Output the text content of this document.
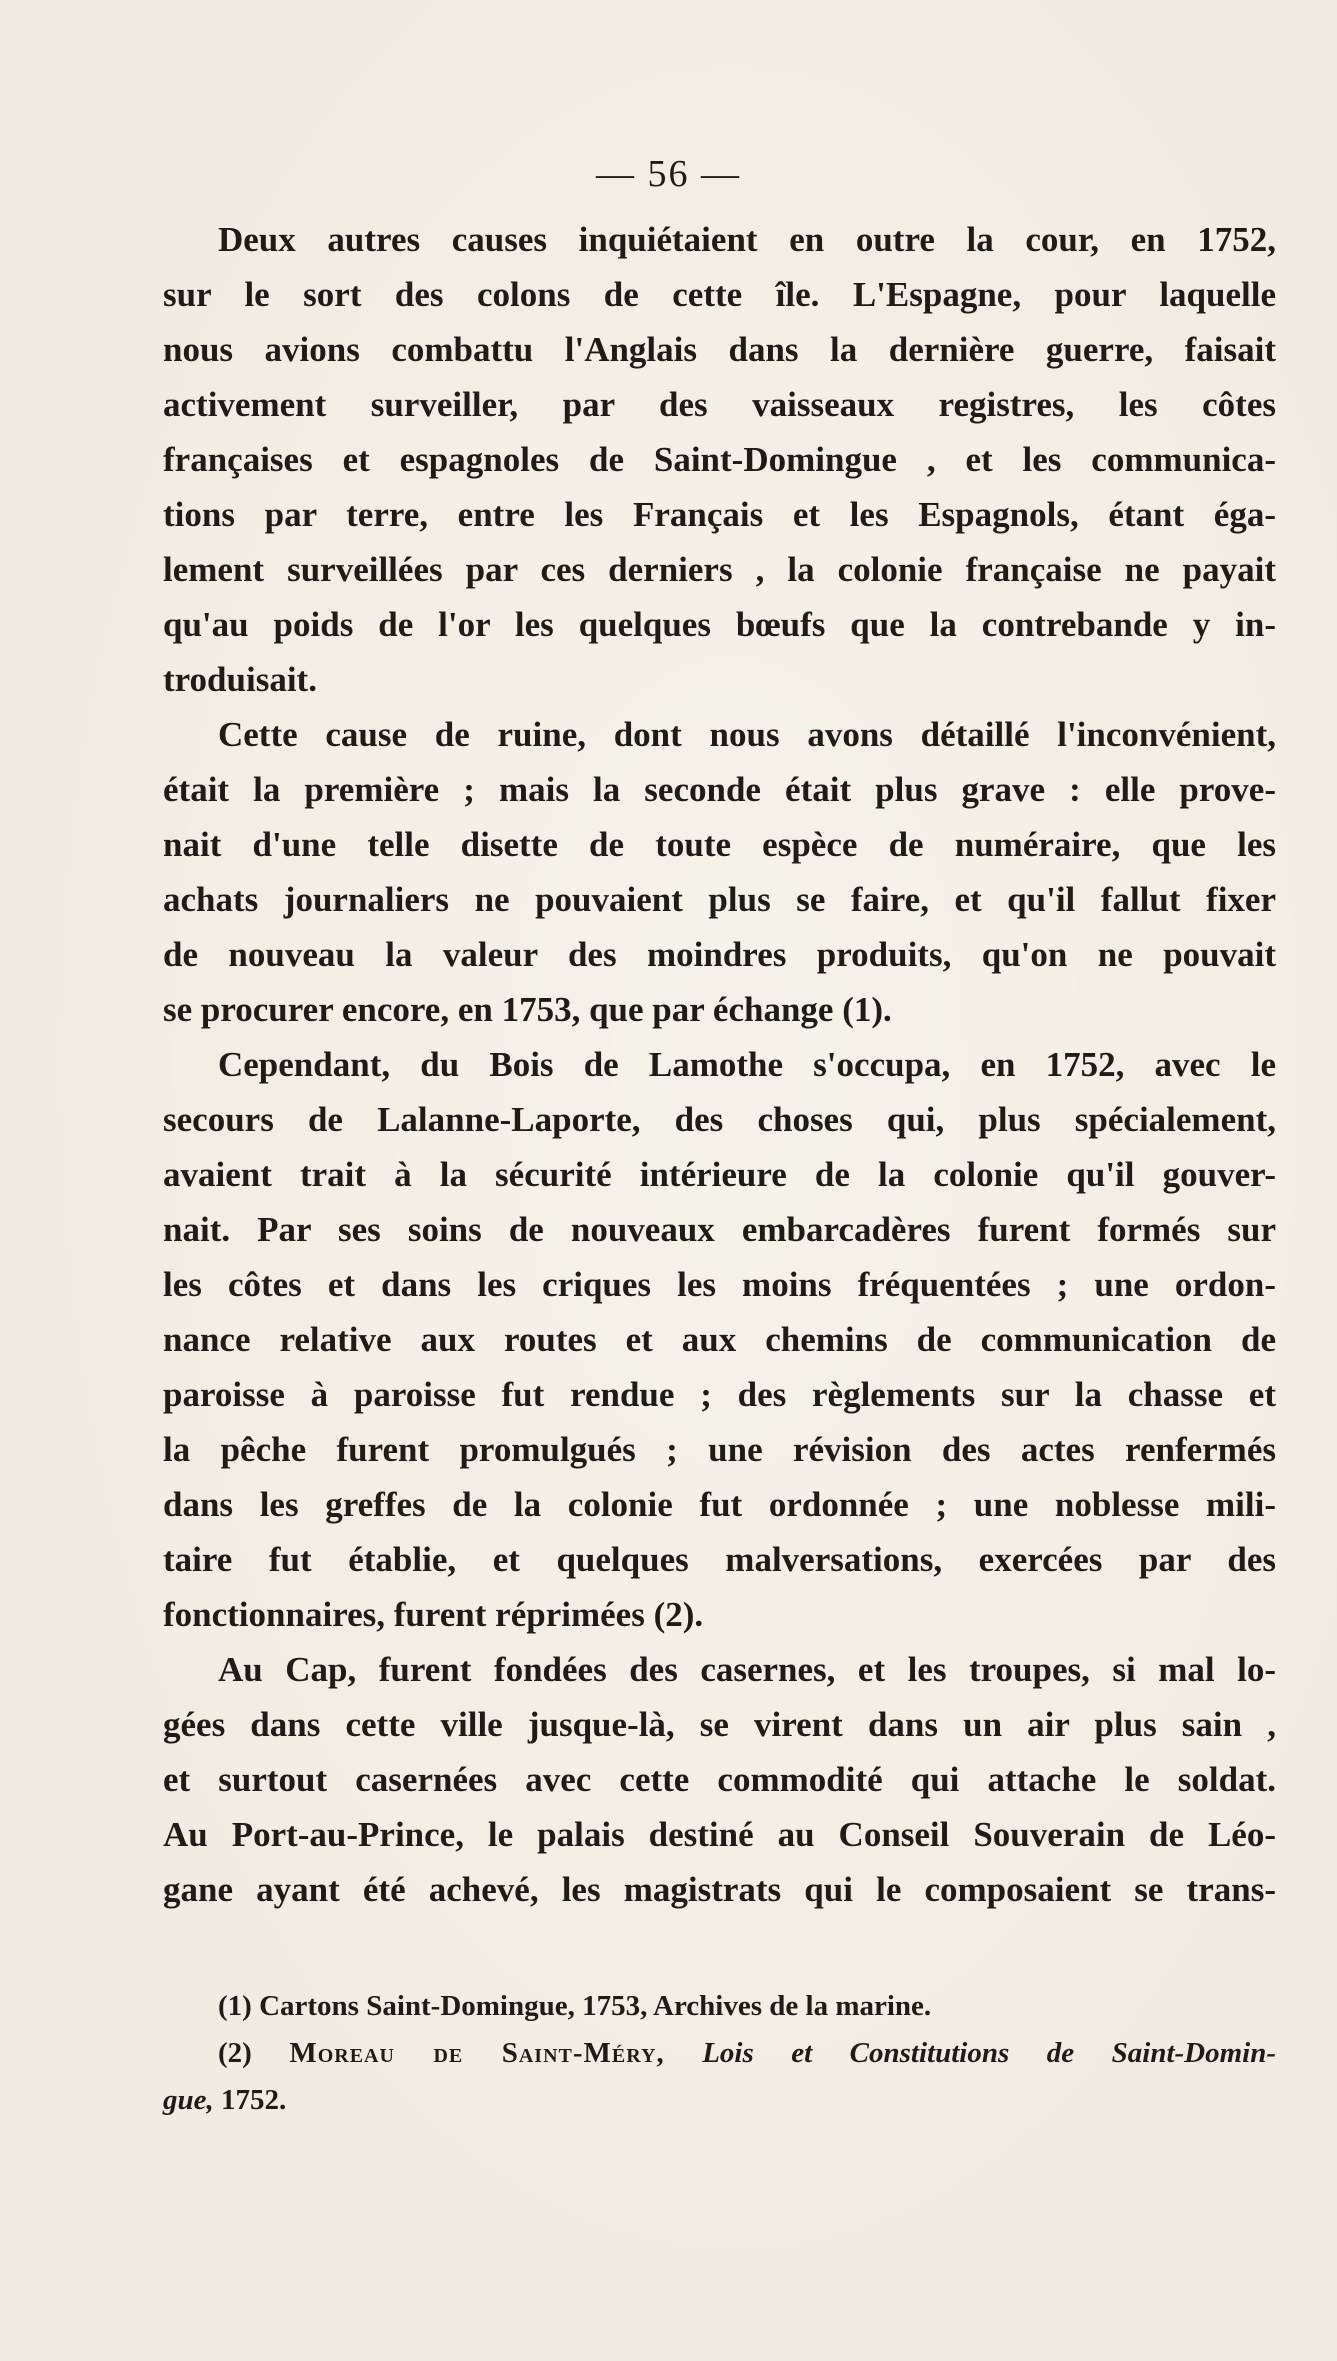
— 56 —
Deux autres causes inquiétaient en outre la cour, en 1752,
sur le sort des colons de cette île. L'Espagne, pour laquelle
nous avions combattu l'Anglais dans la dernière guerre, faisait
activement surveiller, par des vaisseaux registres, les côtes
françaises et espagnoles de Saint-Domingue , et les communica-
tions par terre, entre les Français et les Espagnols, étant éga-
lement surveillées par ces derniers , la colonie française ne payait
qu'au poids de l'or les quelques bœufs que la contrebande y in-
troduisait.
Cette cause de ruine, dont nous avons détaillé l'inconvénient,
était la première ; mais la seconde était plus grave : elle prove-
nait d'une telle disette de toute espèce de numéraire, que les
achats journaliers ne pouvaient plus se faire, et qu'il fallut fixer
de nouveau la valeur des moindres produits, qu'on ne pouvait
se procurer encore, en 1753, que par échange (1).
Cependant, du Bois de Lamothe s'occupa, en 1752, avec le
secours de Lalanne-Laporte, des choses qui, plus spécialement,
avaient trait à la sécurité intérieure de la colonie qu'il gouver-
nait. Par ses soins de nouveaux embarcadères furent formés sur
les côtes et dans les criques les moins fréquentées ; une ordon-
nance relative aux routes et aux chemins de communication de
paroisse à paroisse fut rendue ; des règlements sur la chasse et
la pêche furent promulgués ; une révision des actes renfermés
dans les greffes de la colonie fut ordonnée ; une noblesse mili-
taire fut établie, et quelques malversations, exercées par des
fonctionnaires, furent réprimées (2).
Au Cap, furent fondées des casernes, et les troupes, si mal lo-
gées dans cette ville jusque-là, se virent dans un air plus sain ,
et surtout casernées avec cette commodité qui attache le soldat.
Au Port-au-Prince, le palais destiné au Conseil Souverain de Léo-
gane ayant été achevé, les magistrats qui le composaient se trans-
(1) Cartons Saint-Domingue, 1753, Archives de la marine.
(2) Moreau de Saint-Méry, Lois et Constitutions de Saint-Domin-
gue, 1752.
